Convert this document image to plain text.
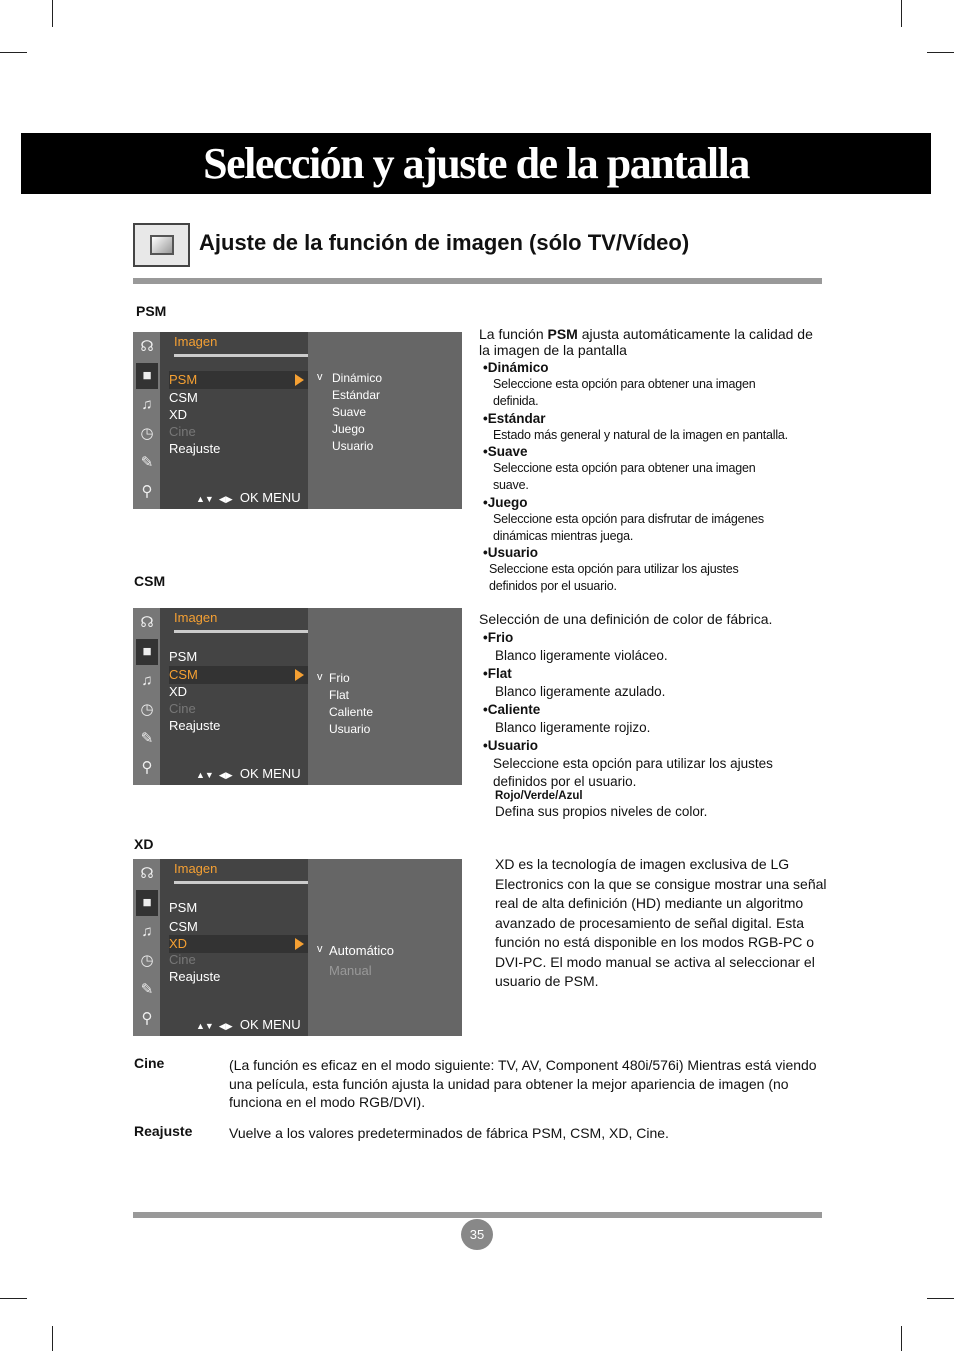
Selección y ajuste de la pantalla
Ajuste de la función de imagen (sólo TV/Vídeo)
PSM
☊
■
♫
◷
✎
⚲
Imagen
PSM
CSM
XD
Cine
Reajuste
▲▼  ◀▶ OK MENU
v Dinámico
Estándar
Suave
Juego
Usuario
La función PSM ajusta automáticamente la calidad de
la imagen de la pantalla
•Dinámico
Seleccione esta opción para obtener una imagen
definida.
•Estándar
Estado más general y natural de la imagen en pantalla.
•Suave
Seleccione esta opción para obtener una imagen
suave.
•Juego
Seleccione esta opción para disfrutar de imágenes
dinámicas mientras juega.
•Usuario
Seleccione esta opción para utilizar los ajustes
definidos por el usuario.
CSM
☊
■
♫
◷
✎
⚲
Imagen
PSM
CSM
XD
Cine
Reajuste
▲▼  ◀▶ OK MENU
v Frio
Flat
Caliente
Usuario
Selección de una definición de color de fábrica.
•Frio
Blanco ligeramente violáceo.
•Flat
Blanco ligeramente azulado.
•Caliente
Blanco ligeramente rojizo.
•Usuario
Seleccione esta opción para utilizar los ajustes
definidos por el usuario.
Rojo/Verde/Azul
Defina sus propios niveles de color.
XD
☊
■
♫
◷
✎
⚲
Imagen
PSM
CSM
XD
Cine
Reajuste
▲▼  ◀▶ OK MENU
v Automático
Manual
XD es la tecnología de imagen exclusiva de LG
Electronics con la que se consigue mostrar una señal
real de alta definición (HD) mediante un algoritmo
avanzado de procesamiento de señal digital. Esta
función no está disponible en los modos RGB-PC o
DVI-PC. El modo manual se activa al seleccionar el
usuario de PSM.
Cine	(La función es eficaz en el modo siguiente: TV, AV, Component 480i/576i) Mientras está viendo
una película, esta función ajusta la unidad para obtener la mejor apariencia de imagen (no
funciona en el modo RGB/DVI).
Reajuste	Vuelve a los valores predeterminados de fábrica PSM, CSM, XD, Cine.
35
